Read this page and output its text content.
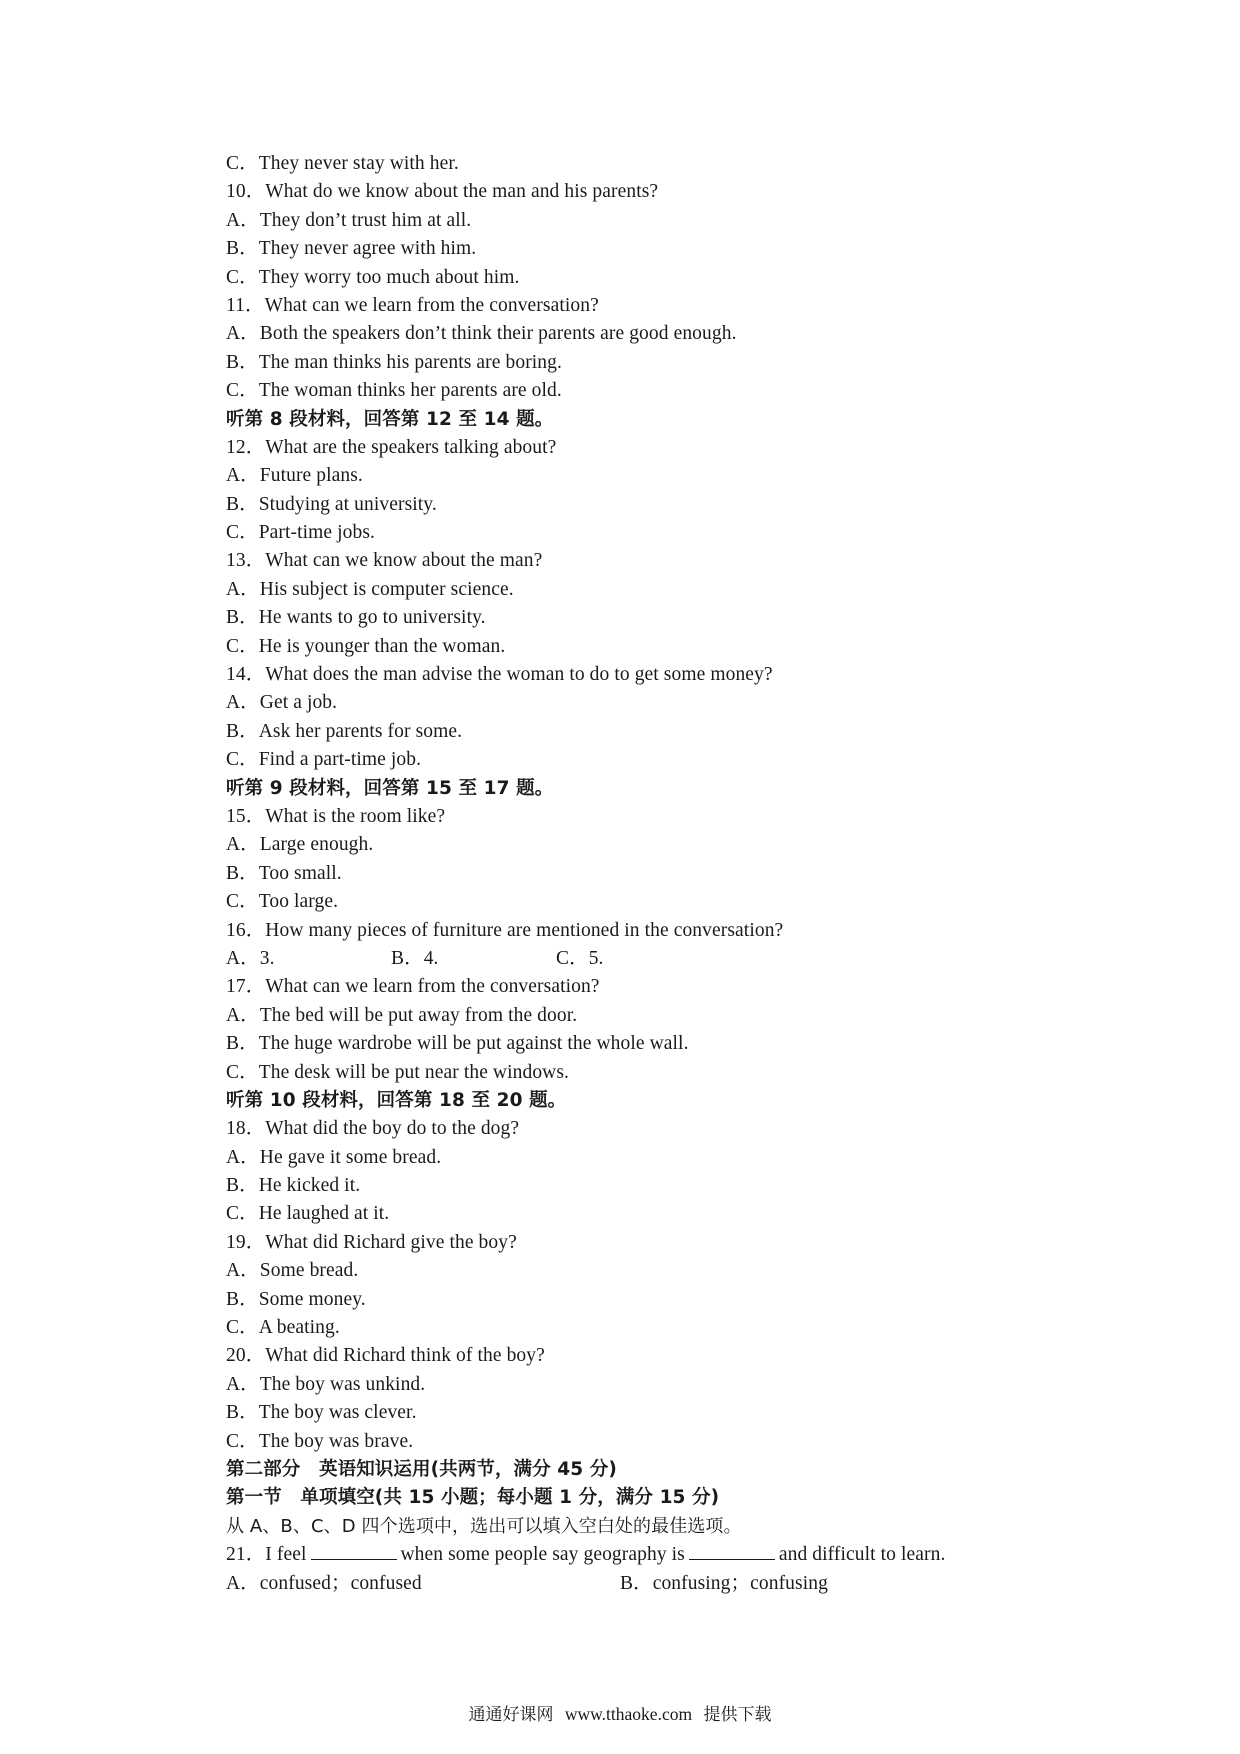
C．They never stay with her.
10．What do we know about the man and his parents?
A．They don’t trust him at all.
B．They never agree with him.
C．They worry too much about him.
11．What can we learn from the conversation?
A．Both the speakers don’t think their parents are good enough.
B．The man thinks his parents are boring.
C．The woman thinks her parents are old.
听第 8 段材料，回答第 12 至 14 题。
12．What are the speakers talking about?
A．Future plans.
B．Studying at university.
C．Part-time jobs.
13．What can we know about the man?
A．His subject is computer science.
B．He wants to go to university.
C．He is younger than the woman.
14．What does the man advise the woman to do to get some money?
A．Get a job.
B．Ask her parents for some.
C．Find a part-time job.
听第 9 段材料，回答第 15 至 17 题。
15．What is the room like?
A．Large enough.
B．Too small.
C．Too large.
16．How many pieces of furniture are mentioned in the conversation?
A．3.	B．4.	C．5.
17．What can we learn from the conversation?
A．The bed will be put away from the door.
B．The huge wardrobe will be put against the whole wall.
C．The desk will be put near the windows.
听第 10 段材料，回答第 18 至 20 题。
18．What did the boy do to the dog?
A．He gave it some bread.
B．He kicked it.
C．He laughed at it.
19．What did Richard give the boy?
A．Some bread.
B．Some money.
C．A beating.
20．What did Richard think of the boy?
A．The boy was unkind.
B．The boy was clever.
C．The boy was brave.
第二部分　英语知识运用(共两节，满分 45 分)
第一节　单项填空(共 15 小题；每小题 1 分，满分 15 分)
从 A、B、C、D 四个选项中，选出可以填入空白处的最佳选项。
21．I feel	when some people say geography is	and difficult to learn.
A．confused；confused	B．confusing；confusing
通通好课网 www.tthaoke.com 提供下载
